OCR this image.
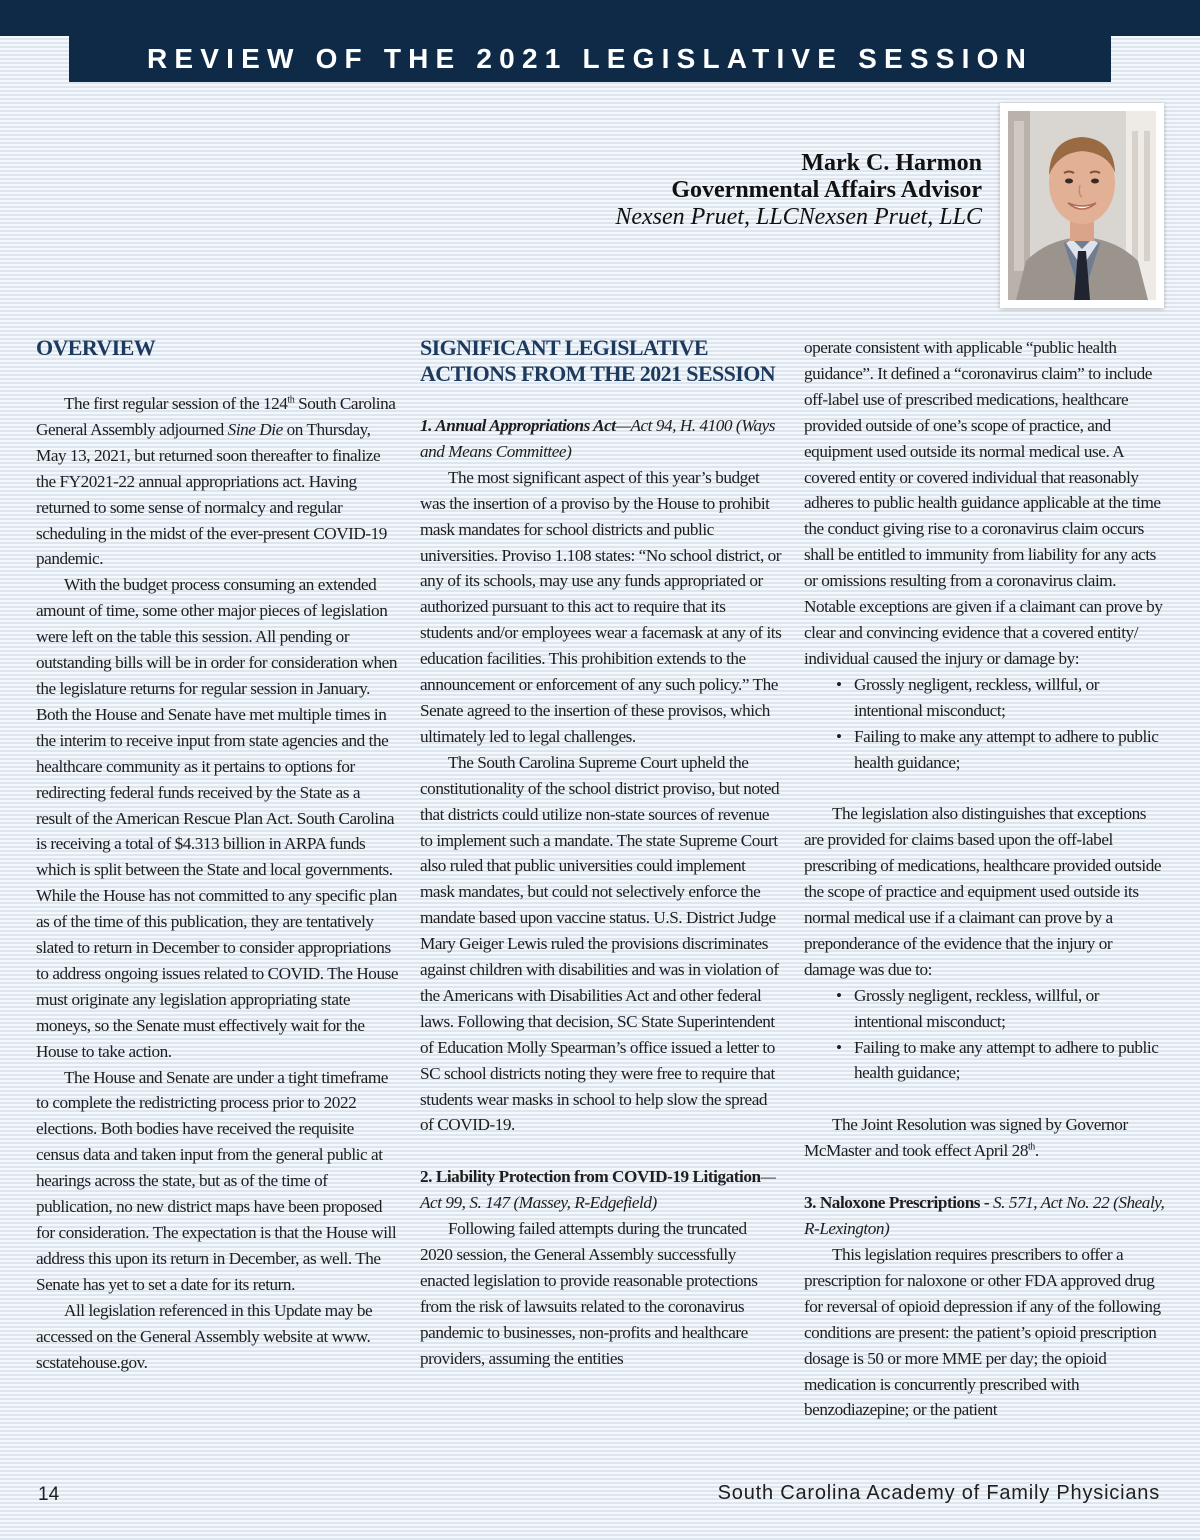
REVIEW OF THE 2021 LEGISLATIVE SESSION
Mark C. Harmon
Governmental Affairs Advisor
Nexsen Pruet, LLCNexsen Pruet, LLC
OVERVIEW

The first regular session of the 124th South Carolina General Assembly adjourned Sine Die on Thursday, May 13, 2021, but returned soon thereafter to finalize the FY2021-22 annual appropriations act. Having returned to some sense of normalcy and regular scheduling in the midst of the ever-present COVID-19 pandemic.

With the budget process consuming an extended amount of time, some other major pieces of legislation were left on the table this session. All pending or outstanding bills will be in order for consideration when the legislature returns for regular session in January. Both the House and Senate have met multiple times in the interim to receive input from state agencies and the healthcare community as it pertains to options for redirecting federal funds received by the State as a result of the American Rescue Plan Act. South Carolina is receiving a total of $4.313 billion in ARPA funds which is split between the State and local governments. While the House has not committed to any specific plan as of the time of this publication, they are tentatively slated to return in December to consider appropriations to address ongoing issues related to COVID. The House must originate any legislation appropriating state moneys, so the Senate must effectively wait for the House to take action.

The House and Senate are under a tight timeframe to complete the redistricting process prior to 2022 elections. Both bodies have received the requisite census data and taken input from the general public at hearings across the state, but as of the time of publication, no new district maps have been proposed for consideration. The expectation is that the House will address this upon its return in December, as well. The Senate has yet to set a date for its return.

All legislation referenced in this Update may be accessed on the General Assembly website at www. scstatehouse.gov.

SIGNIFICANT LEGISLATIVE ACTIONS FROM THE 2021 SESSION

1. Annual Appropriations Act—Act 94, H. 4100 (Ways and Means Committee)

The most significant aspect of this year’s budget was the insertion of a proviso by the House to prohibit mask mandates for school districts and public universities. Proviso 1.108 states: “No school district, or any of its schools, may use any funds appropriated or authorized pursuant to this act to require that its students and/or employees wear a facemask at any of its education facilities. This prohibition extends to the announcement or enforcement of any such policy.” The Senate agreed to the insertion of these provisos, which ultimately led to legal challenges.

The South Carolina Supreme Court upheld the constitutionality of the school district proviso, but noted that districts could utilize non-state sources of revenue to implement such a mandate. The state Supreme Court also ruled that public universities could implement mask mandates, but could not selectively enforce the mandate based upon vaccine status. U.S. District Judge Mary Geiger Lewis ruled the provisions discriminates against children with disabilities and was in violation of the Americans with Disabilities Act and other federal laws. Following that decision, SC State Superintendent of Education Molly Spearman’s office issued a letter to SC school districts noting they were free to require that students wear masks in school to help slow the spread of COVID-19.

2. Liability Protection from COVID-19 Litigation—Act 99, S. 147 (Massey, R-Edgefield)

Following failed attempts during the truncated 2020 session, the General Assembly successfully enacted legislation to provide reasonable protections from the risk of lawsuits related to the coronavirus pandemic to businesses, non-profits and healthcare providers, assuming the entities

operate consistent with applicable “public health guidance”. It defined a “coronavirus claim” to include off-label use of prescribed medications, healthcare provided outside of one’s scope of practice, and equipment used outside its normal medical use. A covered entity or covered individual that reasonably adheres to public health guidance applicable at the time the conduct giving rise to a coronavirus claim occurs shall be entitled to immunity from liability for any acts or omissions resulting from a coronavirus claim. Notable exceptions are given if a claimant can prove by clear and convincing evidence that a covered entity/ individual caused the injury or damage by:

• Grossly negligent, reckless, willful, or intentional misconduct;
• Failing to make any attempt to adhere to public health guidance;

The legislation also distinguishes that exceptions are provided for claims based upon the off-label prescribing of medications, healthcare provided outside the scope of practice and equipment used outside its normal medical use if a claimant can prove by a preponderance of the evidence that the injury or damage was due to:

• Grossly negligent, reckless, willful, or intentional misconduct;
• Failing to make any attempt to adhere to public health guidance;

The Joint Resolution was signed by Governor McMaster and took effect April 28th.

3. Naloxone Prescriptions - S. 571, Act No. 22 (Shealy, R-Lexington)

This legislation requires prescribers to offer a prescription for naloxone or other FDA approved drug for reversal of opioid depression if any of the following conditions are present: the patient’s opioid prescription dosage is 50 or more MME per day; the opioid medication is concurrently prescribed with benzodiazepine; or the patient

14	South Carolina Academy of Family Physicians
